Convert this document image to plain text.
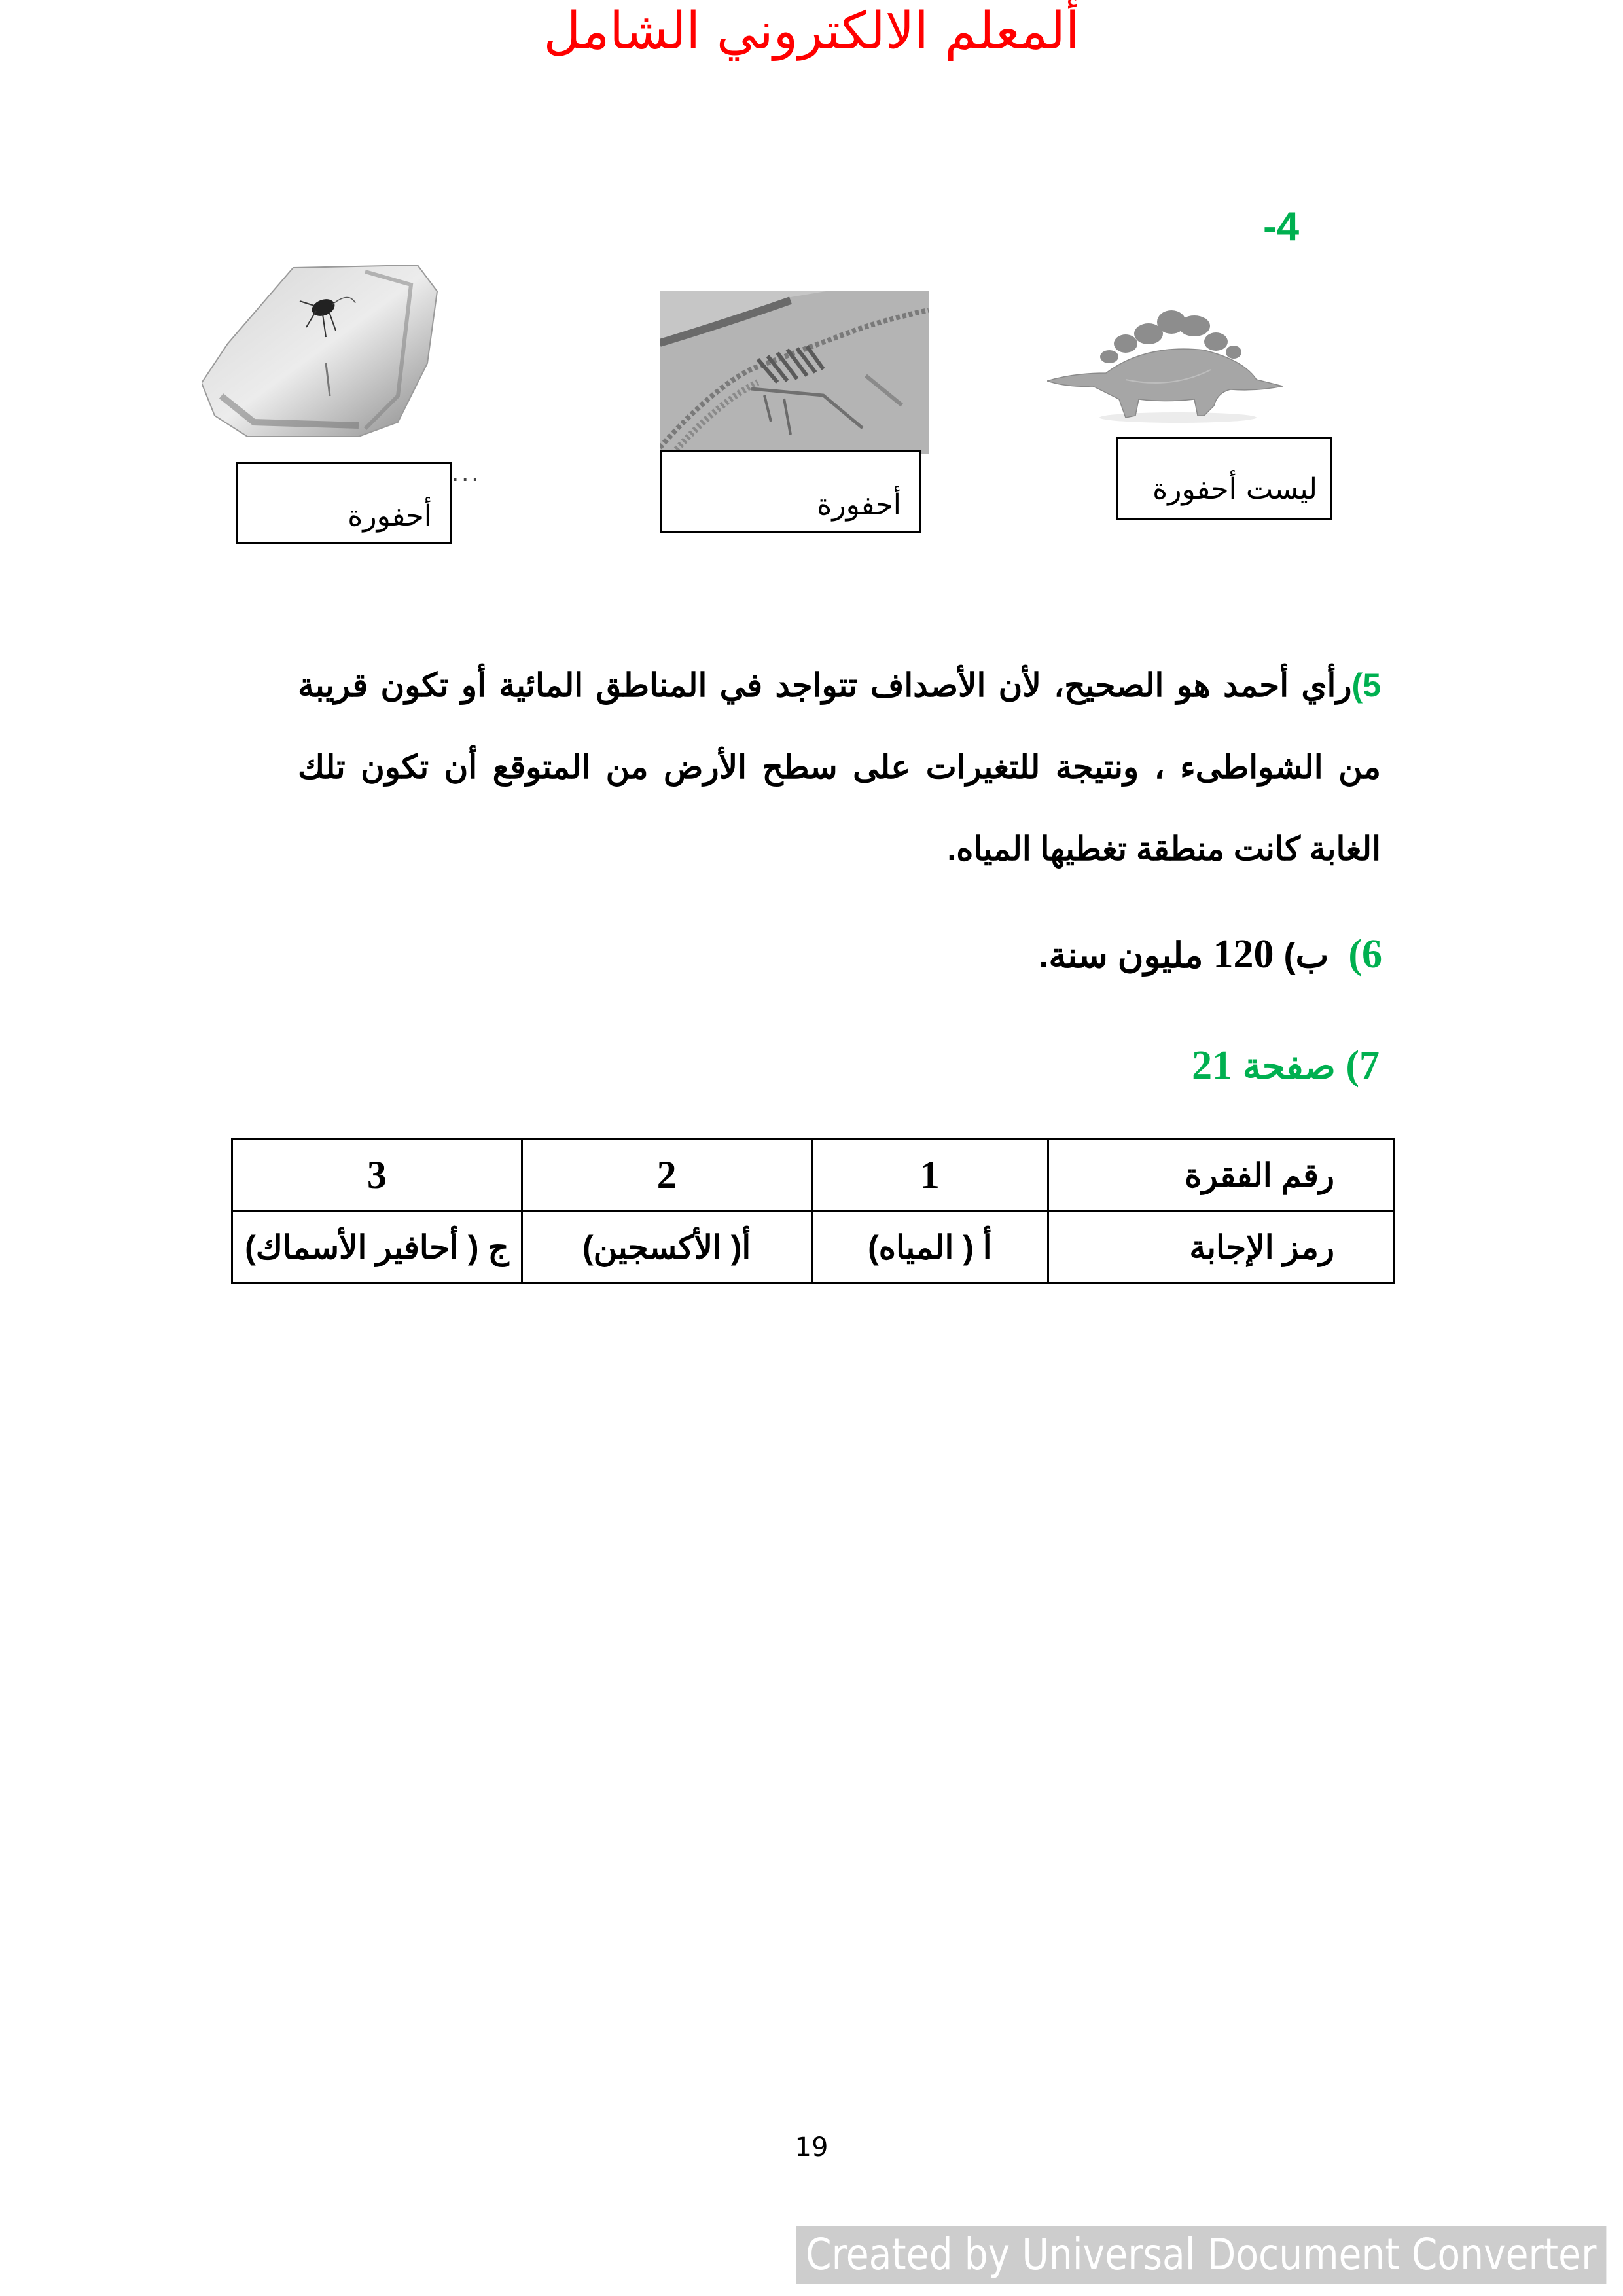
ألمعلم الالكتروني الشامل
-4
ليست أحفورة
أحفورة
أحفورة
...
5)رأي أحمد هو الصحيح، لأن الأصداف تتواجد في المناطق المائية أو تكون قريبة من الشواطىء ، ونتيجة للتغيرات على سطح الأرض من المتوقع أن تكون تلك الغابة كانت منطقة تغطيها المياه.
6)  ب) 120 مليون سنة.
7) صفحة 21
رقم الفقرة	1	2	3
رمز الإجابة	أ ( المياه)	أ( الأكسجين)	ج ( أحافير الأسماك)
19
Created by Universal Document Converter
